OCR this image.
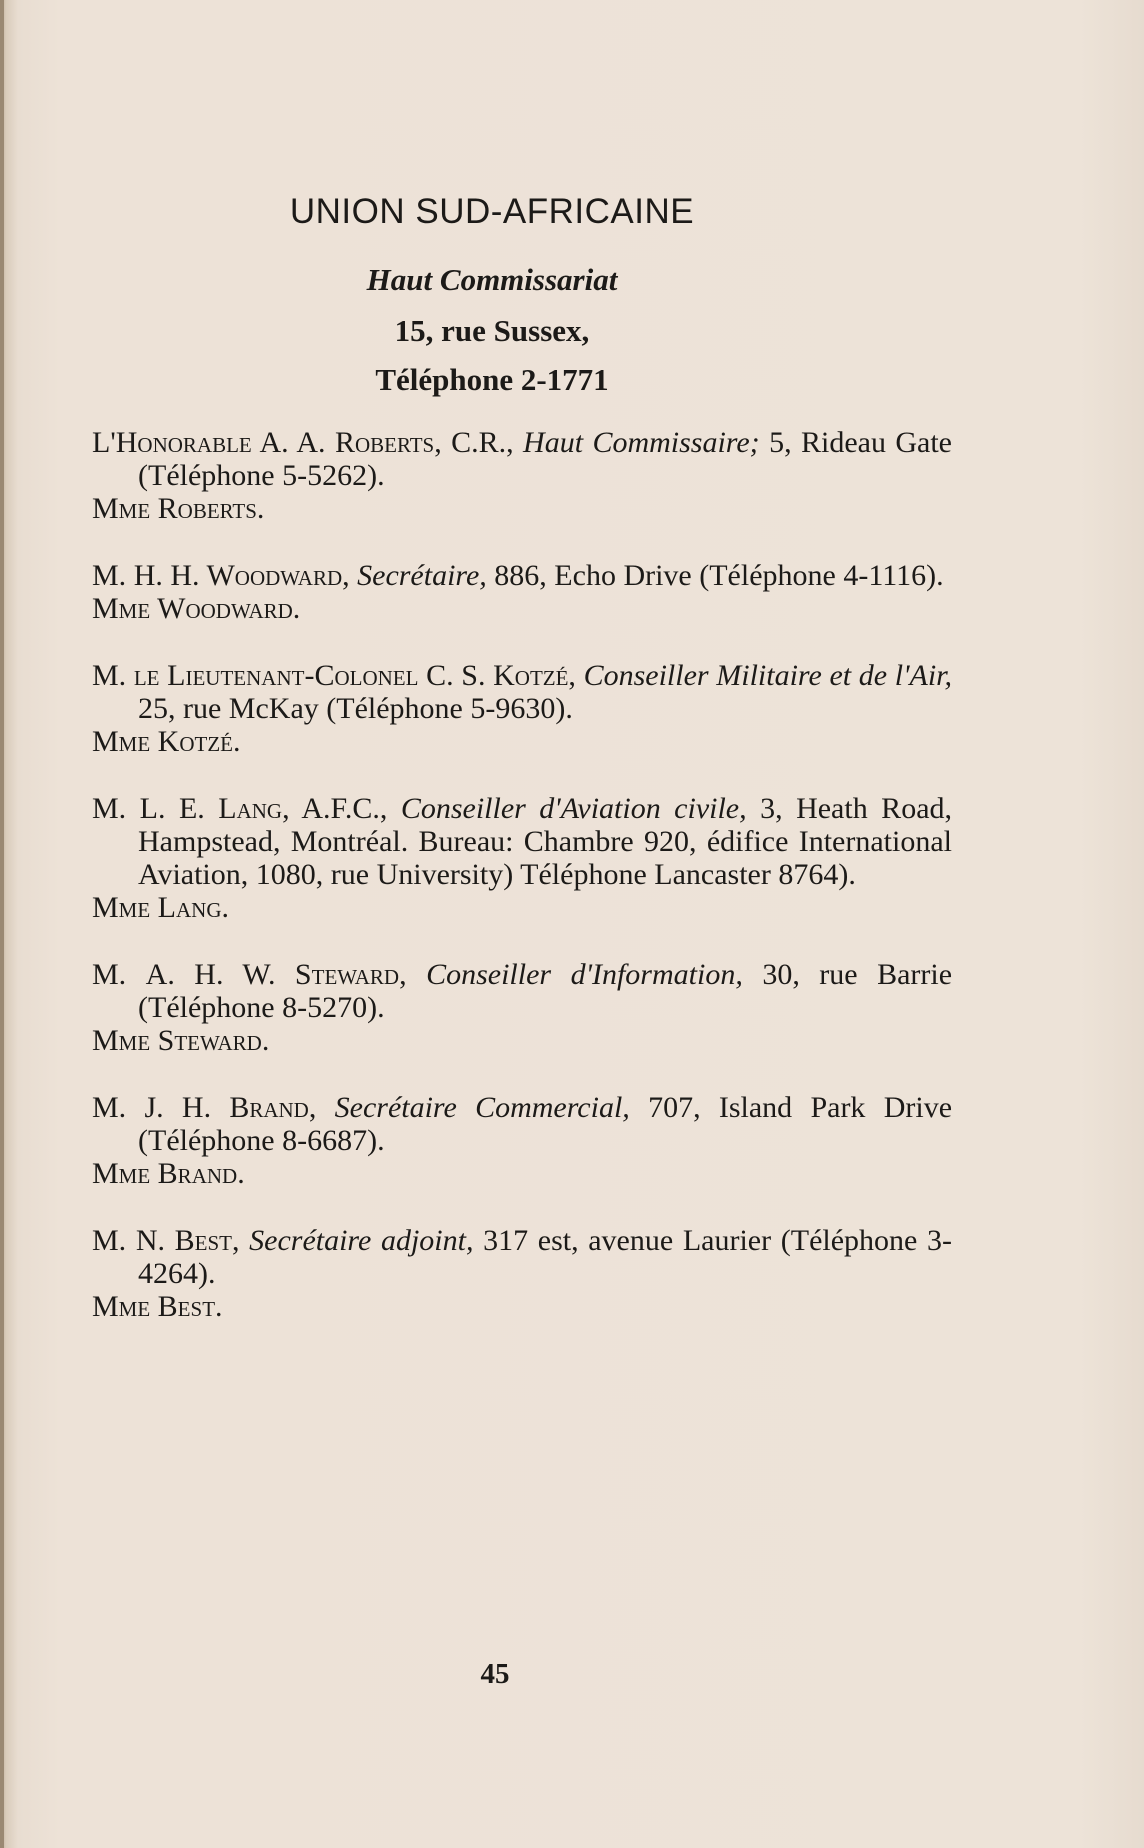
UNION SUD-AFRICAINE
Haut Commissariat
15, rue Sussex,
Téléphone 2-1771
L'Honorable A. A. Roberts, C.R., Haut Commissaire; 5, Rideau Gate (Téléphone 5-5262).
Mme Roberts.
M. H. H. Woodward, Secrétaire, 886, Echo Drive (Téléphone 4-1116).
Mme Woodward.
M. le Lieutenant-Colonel C. S. Kotzé, Conseiller Militaire et de l'Air, 25, rue McKay (Téléphone 5-9630).
Mme Kotzé.
M. L. E. Lang, A.F.C., Conseiller d'Aviation civile, 3, Heath Road, Hampstead, Montréal. Bureau: Chambre 920, édifice International Aviation, 1080, rue University) Téléphone Lancaster 8764).
Mme Lang.
M. A. H. W. Steward, Conseiller d'Information, 30, rue Barrie (Téléphone 8-5270).
Mme Steward.
M. J. H. Brand, Secrétaire Commercial, 707, Island Park Drive (Téléphone 8-6687).
Mme Brand.
M. N. Best, Secrétaire adjoint, 317 est, avenue Laurier (Téléphone 3-4264).
Mme Best.
45
